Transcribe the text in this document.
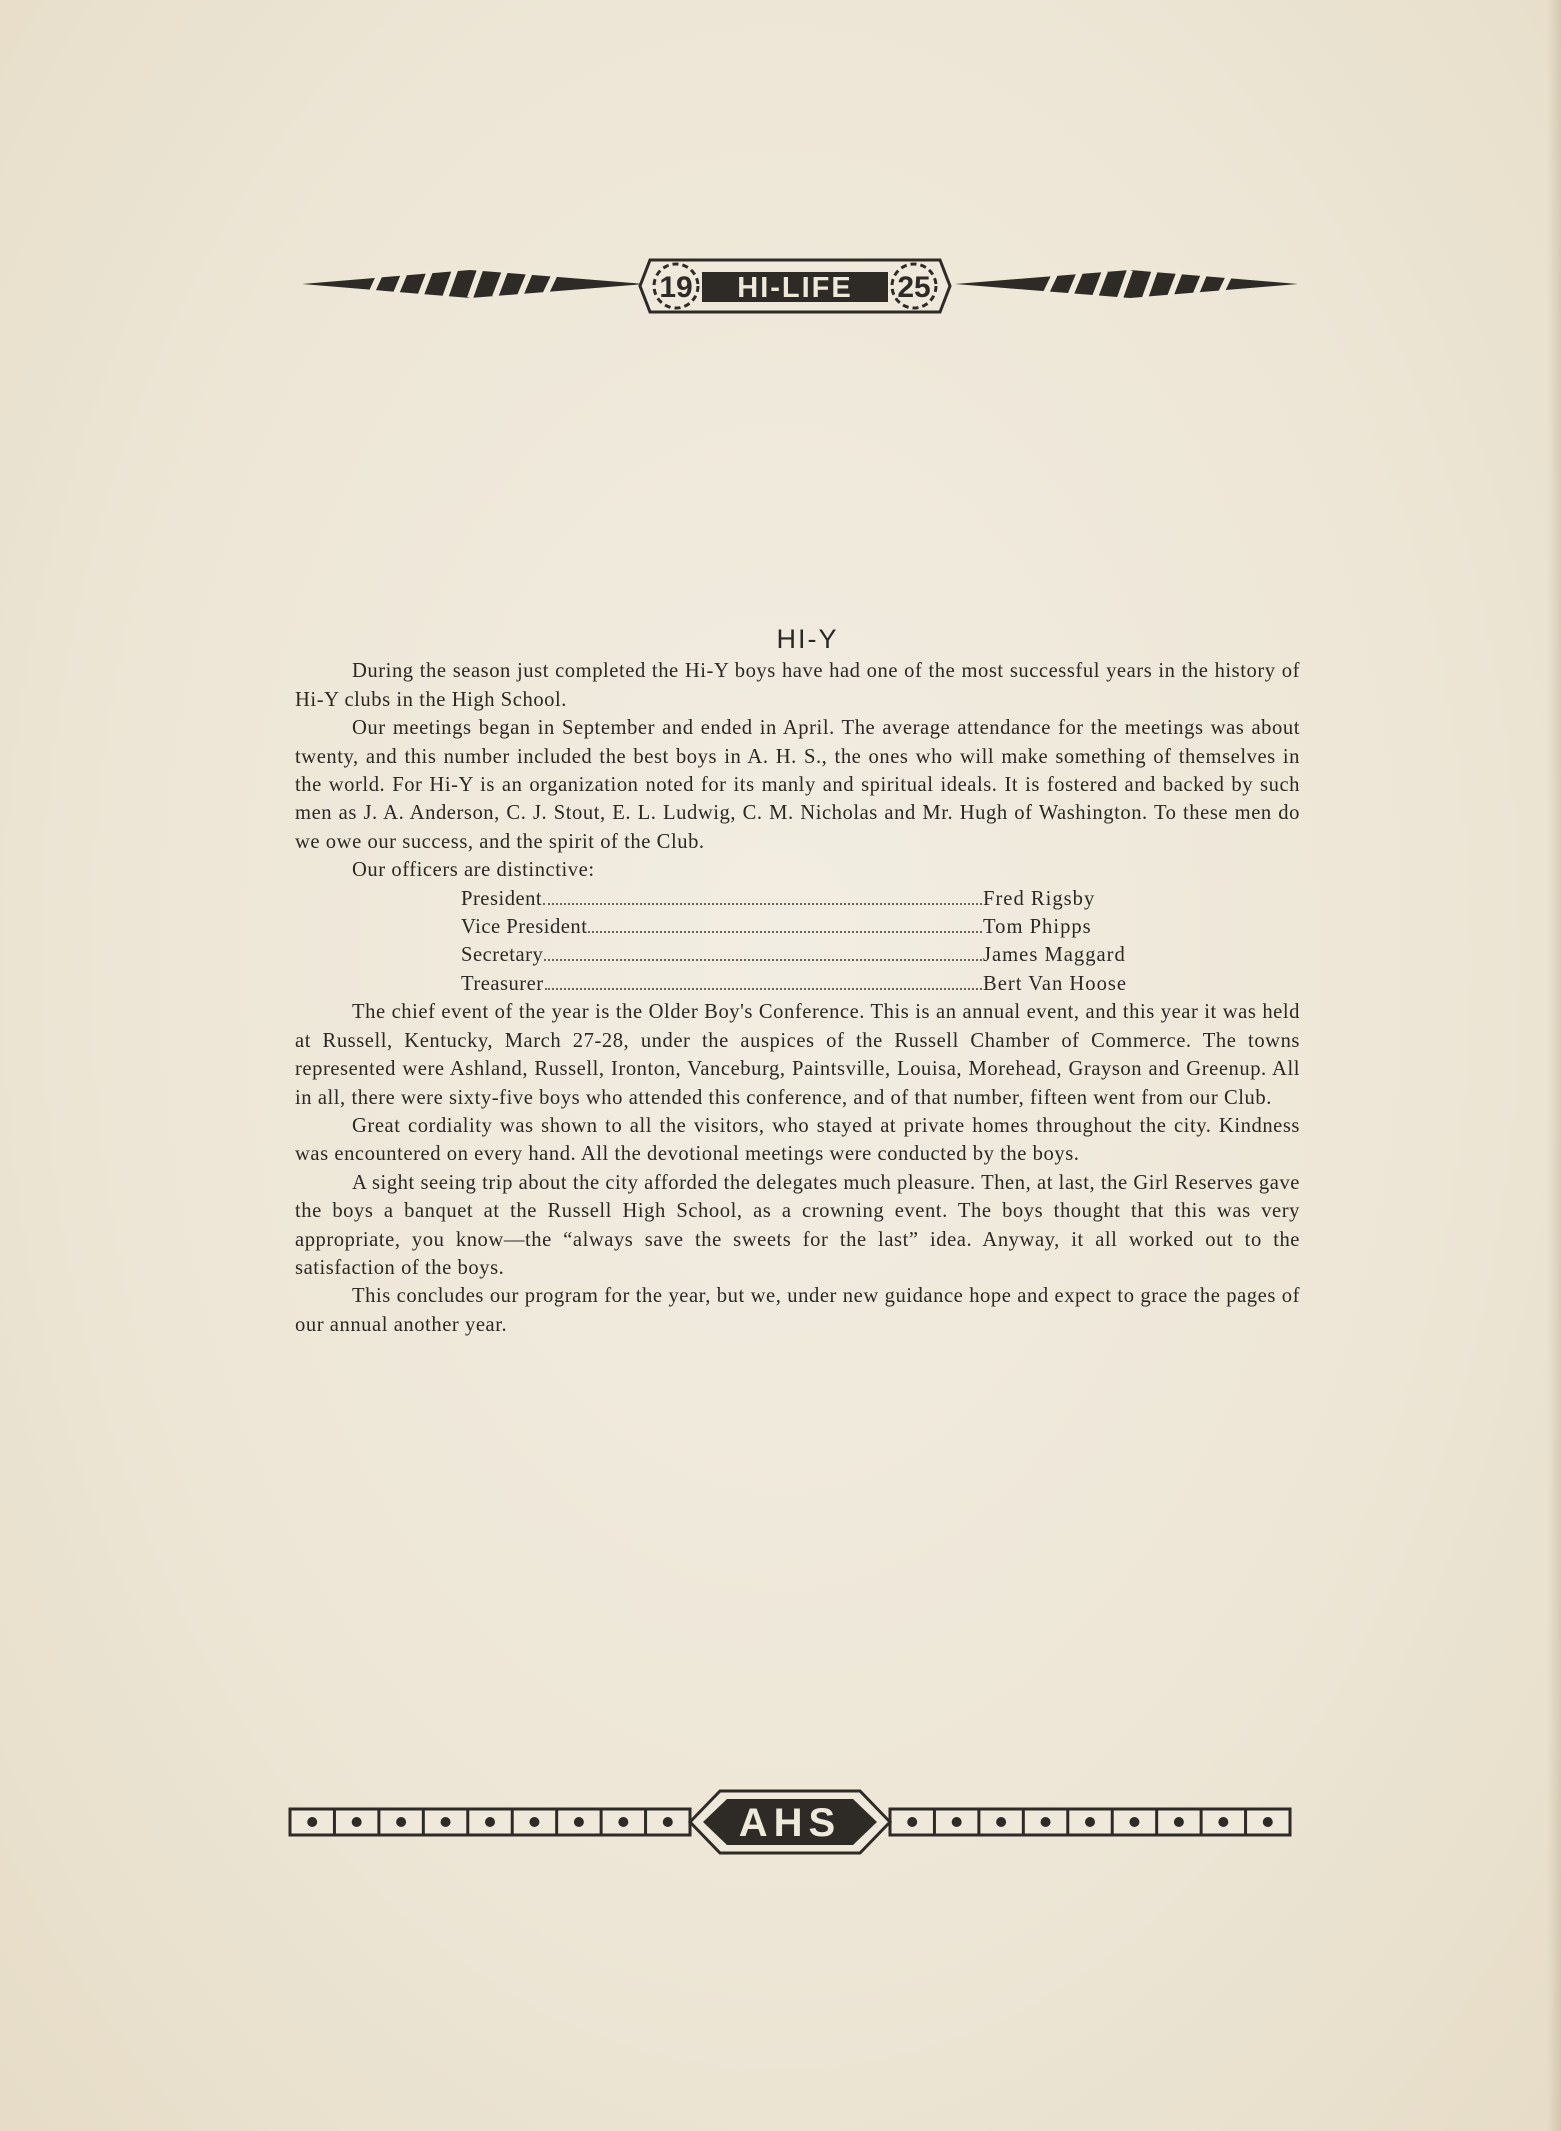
19 HI-LIFE 25
HI-Y

During the season just completed the Hi-Y boys have had one of the most successful years in the history of Hi-Y clubs in the High School.

Our meetings began in September and ended in April. The average attendance for the meetings was about twenty, and this number included the best boys in A. H. S., the ones who will make something of themselves in the world. For Hi-Y is an organization noted for its manly and spiritual ideals. It is fostered and backed by such men as J. A. Anderson, C. J. Stout, E. L. Ludwig, C. M. Nicholas and Mr. Hugh of Washington. To these men do we owe our success, and the spirit of the Club.

Our officers are distinctive:

President	Fred Rigsby
Vice President	Tom Phipps
Secretary	James Maggard
Treasurer	Bert Van Hoose

The chief event of the year is the Older Boy's Conference. This is an annual event, and this year it was held at Russell, Kentucky, March 27-28, under the auspices of the Russell Chamber of Commerce. The towns represented were Ashland, Russell, Ironton, Vanceburg, Paintsville, Louisa, Morehead, Grayson and Greenup. All in all, there were sixty-five boys who attended this conference, and of that number, fifteen went from our Club.

Great cordiality was shown to all the visitors, who stayed at private homes throughout the city. Kindness was encountered on every hand. All the devotional meetings were conducted by the boys.

A sight seeing trip about the city afforded the delegates much pleasure. Then, at last, the Girl Reserves gave the boys a banquet at the Russell High School, as a crowning event. The boys thought that this was very appropriate, you know—the “always save the sweets for the last” idea. Anyway, it all worked out to the satisfaction of the boys.

This concludes our program for the year, but we, under new guidance hope and expect to grace the pages of our annual another year.

AHS
